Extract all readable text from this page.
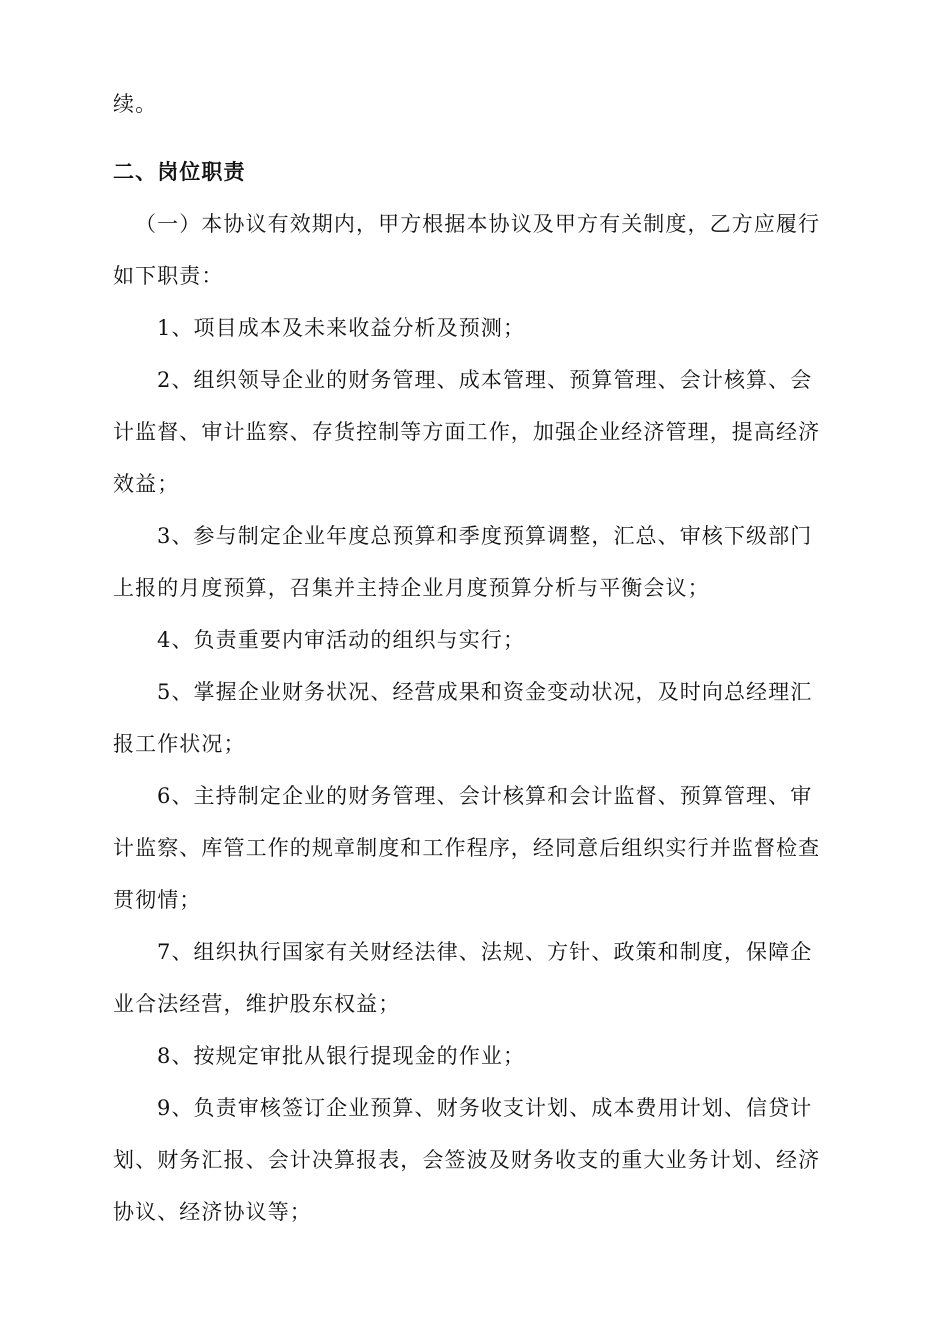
续。

二、岗位职责

（一）本协议有效期内，甲方根据本协议及甲方有关制度，乙方应履行如下职责：

1、项目成本及未来收益分析及预测；

2、组织领导企业的财务管理、成本管理、预算管理、会计核算、会计监督、审计监察、存货控制等方面工作，加强企业经济管理，提高经济效益；

3、参与制定企业年度总预算和季度预算调整，汇总、审核下级部门上报的月度预算，召集并主持企业月度预算分析与平衡会议；

4、负责重要内审活动的组织与实行；

5、掌握企业财务状况、经营成果和资金变动状况，及时向总经理汇报工作状况；

6、主持制定企业的财务管理、会计核算和会计监督、预算管理、审计监察、库管工作的规章制度和工作程序，经同意后组织实行并监督检查贯彻情；

7、组织执行国家有关财经法律、法规、方针、政策和制度，保障企业合法经营，维护股东权益；

8、按规定审批从银行提现金的作业；

9、负责审核签订企业预算、财务收支计划、成本费用计划、信贷计划、财务汇报、会计决算报表，会签波及财务收支的重大业务计划、经济协议、经济协议等；
